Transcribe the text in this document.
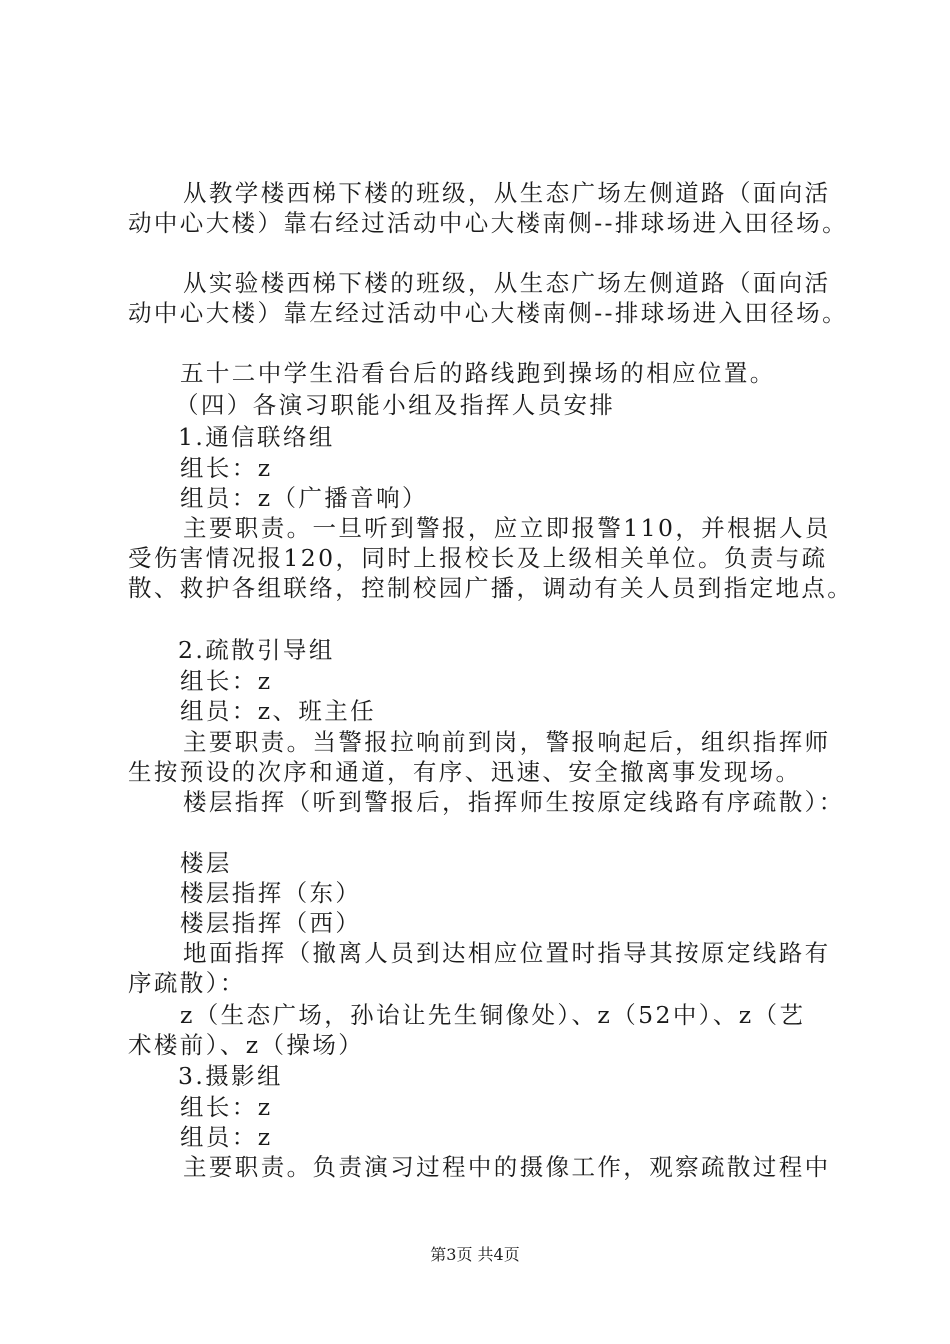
从教学楼西梯下楼的班级，从生态广场左侧道路（面向活
动中心大楼）靠右经过活动中心大楼南侧--排球场进入田径场。
从实验楼西梯下楼的班级，从生态广场左侧道路（面向活
动中心大楼）靠左经过活动中心大楼南侧--排球场进入田径场。
五十二中学生沿看台后的路线跑到操场的相应位置。
（四）各演习职能小组及指挥人员安排
1.通信联络组
组长：z
组员：z（广播音响）
主要职责。一旦听到警报，应立即报警110，并根据人员
受伤害情况报120，同时上报校长及上级相关单位。负责与疏
散、救护各组联络，控制校园广播，调动有关人员到指定地点。
2.疏散引导组
组长：z
组员：z、班主任
主要职责。当警报拉响前到岗，警报响起后，组织指挥师
生按预设的次序和通道，有序、迅速、安全撤离事发现场。
楼层指挥（听到警报后，指挥师生按原定线路有序疏散）：
楼层
楼层指挥（东）
楼层指挥（西）
地面指挥（撤离人员到达相应位置时指导其按原定线路有
序疏散）：
z（生态广场，孙诒让先生铜像处）、z（52中）、z（艺
术楼前）、z（操场）
3.摄影组
组长：z
组员：z
主要职责。负责演习过程中的摄像工作，观察疏散过程中
第3页 共4页
